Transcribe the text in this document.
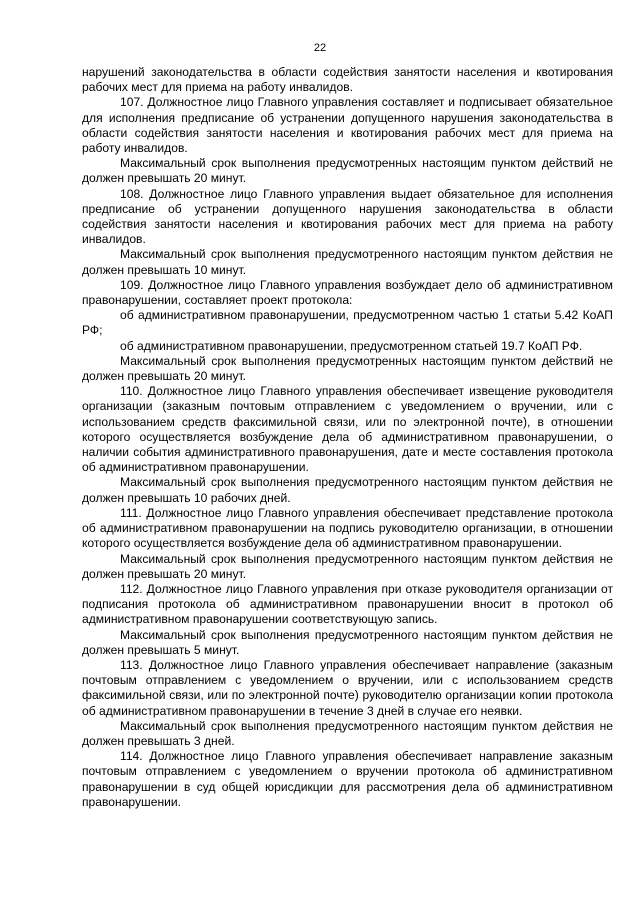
22

нарушений законодательства в области содействия занятости населения и квотирования рабочих мест для приема на работу инвалидов.

107. Должностное лицо Главного управления составляет и подписывает обязательное для исполнения предписание об устранении допущенного нарушения законодательства в области содействия занятости населения и квотирования рабочих мест для приема на работу инвалидов.

Максимальный срок выполнения предусмотренных настоящим пунктом действий не должен превышать 20 минут.

108. Должностное лицо Главного управления выдает обязательное для исполнения предписание об устранении допущенного нарушения законодательства в области содействия занятости населения и квотирования рабочих мест для приема на работу инвалидов.

Максимальный срок выполнения предусмотренного настоящим пунктом действия не должен превышать 10 минут.

109. Должностное лицо Главного управления возбуждает дело об административном правонарушении, составляет проект протокола:

об административном правонарушении, предусмотренном частью 1 статьи 5.42 КоАП РФ;

об административном правонарушении, предусмотренном статьей 19.7 КоАП РФ.

Максимальный срок выполнения предусмотренных настоящим пунктом действий не должен превышать 20 минут.

110. Должностное лицо Главного управления обеспечивает извещение руководителя организации (заказным почтовым отправлением с уведомлением о вручении, или с использованием средств факсимильной связи, или по электронной почте), в отношении которого осуществляется возбуждение дела об административном правонарушении, о наличии события административного правонарушения, дате и месте составления протокола об административном правонарушении.

Максимальный срок выполнения предусмотренного настоящим пунктом действия не должен превышать 10 рабочих дней.

111. Должностное лицо Главного управления обеспечивает представление протокола об административном правонарушении на подпись руководителю организации, в отношении которого осуществляется возбуждение дела об административном правонарушении.

Максимальный срок выполнения предусмотренного настоящим пунктом действия не должен превышать 20 минут.

112. Должностное лицо Главного управления при отказе руководителя организации от подписания протокола об административном правонарушении вносит в протокол об административном правонарушении соответствующую запись.

Максимальный срок выполнения предусмотренного настоящим пунктом действия не должен превышать 5 минут.

113. Должностное лицо Главного управления обеспечивает направление (заказным почтовым отправлением с уведомлением о вручении, или с использованием средств факсимильной связи, или по электронной почте) руководителю организации копии протокола об административном правонарушении в течение 3 дней в случае его неявки.

Максимальный срок выполнения предусмотренного настоящим пунктом действия не должен превышать 3 дней.

114. Должностное лицо Главного управления обеспечивает направление заказным почтовым отправлением с уведомлением о вручении протокола об административном правонарушении в суд общей юрисдикции для рассмотрения дела об административном правонарушении.
